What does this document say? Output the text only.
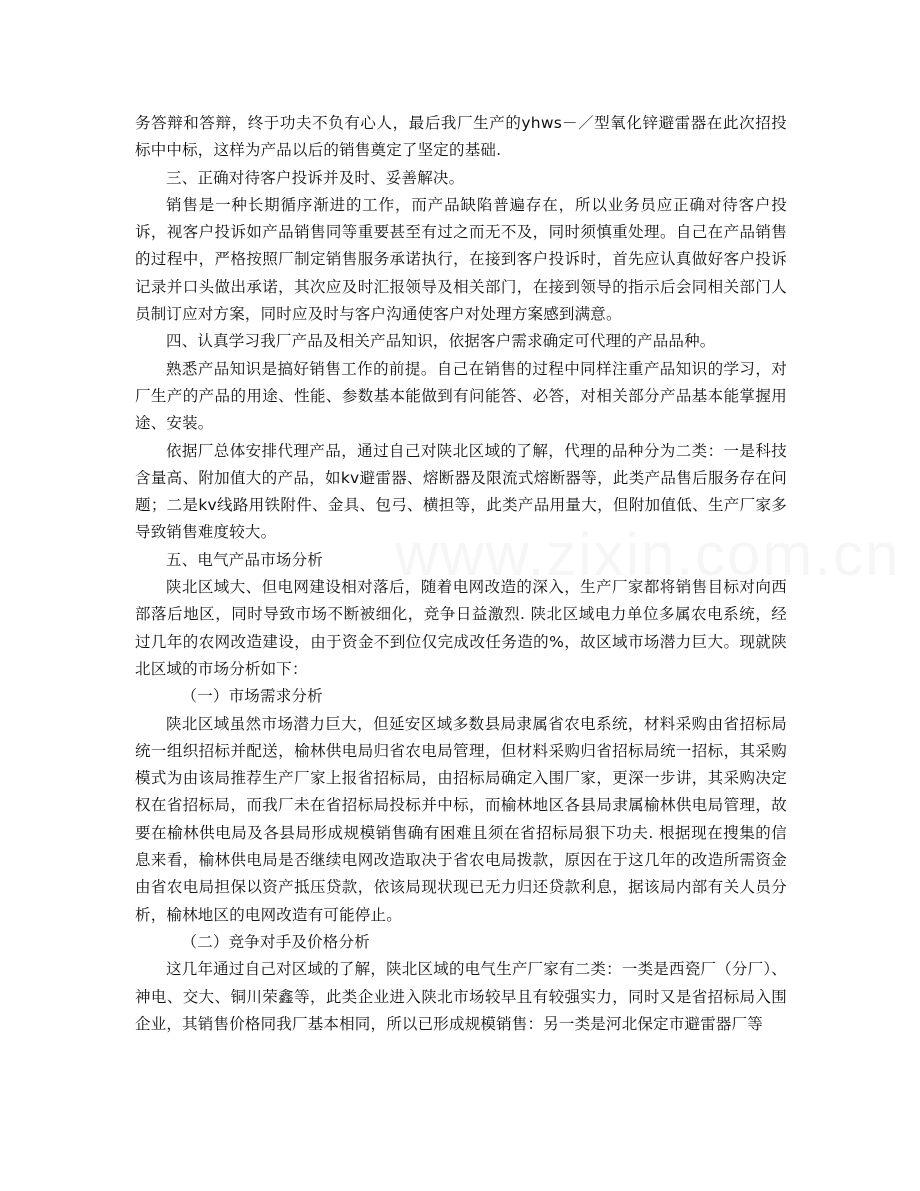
务答辩和答辩，终于功夫不负有心人，最后我厂生产的yhws－／型氧化锌避雷器在此次招投标中中标，这样为产品以后的销售奠定了坚定的基础.

三、正确对待客户投诉并及时、妥善解决。

销售是一种长期循序渐进的工作，而产品缺陷普遍存在，所以业务员应正确对待客户投诉，视客户投诉如产品销售同等重要甚至有过之而无不及，同时须慎重处理。自己在产品销售的过程中，严格按照厂制定销售服务承诺执行，在接到客户投诉时，首先应认真做好客户投诉记录并口头做出承诺，其次应及时汇报领导及相关部门，在接到领导的指示后会同相关部门人员制订应对方案，同时应及时与客户沟通使客户对处理方案感到满意。

四、认真学习我厂产品及相关产品知识，依据客户需求确定可代理的产品品种。

熟悉产品知识是搞好销售工作的前提。自己在销售的过程中同样注重产品知识的学习，对厂生产的产品的用途、性能、参数基本能做到有问能答、必答，对相关部分产品基本能掌握用途、安装。

依据厂总体安排代理产品，通过自己对陕北区域的了解，代理的品种分为二类：一是科技含量高、附加值大的产品，如kv避雷器、熔断器及限流式熔断器等，此类产品售后服务存在问题；二是kv线路用铁附件、金具、包弓、横担等，此类产品用量大，但附加值低、生产厂家多导致销售难度较大。

五、电气产品市场分析

陕北区域大、但电网建设相对落后，随着电网改造的深入，生产厂家都将销售目标对向西部落后地区，同时导致市场不断被细化，竞争日益激烈. 陕北区域电力单位多属农电系统，经过几年的农网改造建设，由于资金不到位仅完成改任务造的%，故区域市场潜力巨大。现就陕北区域的市场分析如下：

（一）市场需求分析

陕北区域虽然市场潜力巨大，但延安区域多数县局隶属省农电系统，材料采购由省招标局统一组织招标并配送，榆林供电局归省农电局管理，但材料采购归省招标局统一招标，其采购模式为由该局推荐生产厂家上报省招标局，由招标局确定入围厂家，更深一步讲，其采购决定权在省招标局，而我厂未在省招标局投标并中标，而榆林地区各县局隶属榆林供电局管理，故要在榆林供电局及各县局形成规模销售确有困难且须在省招标局狠下功夫. 根据现在搜集的信息来看，榆林供电局是否继续电网改造取决于省农电局拨款，原因在于这几年的改造所需资金由省农电局担保以资产抵压贷款，依该局现状现已无力归还贷款利息，据该局内部有关人员分析，榆林地区的电网改造有可能停止。

（二）竞争对手及价格分析

这几年通过自己对区域的了解，陕北区域的电气生产厂家有二类：一类是西瓷厂（分厂）、神电、交大、铜川荣鑫等，此类企业进入陕北市场较早且有较强实力，同时又是省招标局入围企业，其销售价格同我厂基本相同，所以已形成规模销售：另一类是河北保定市避雷器厂等
